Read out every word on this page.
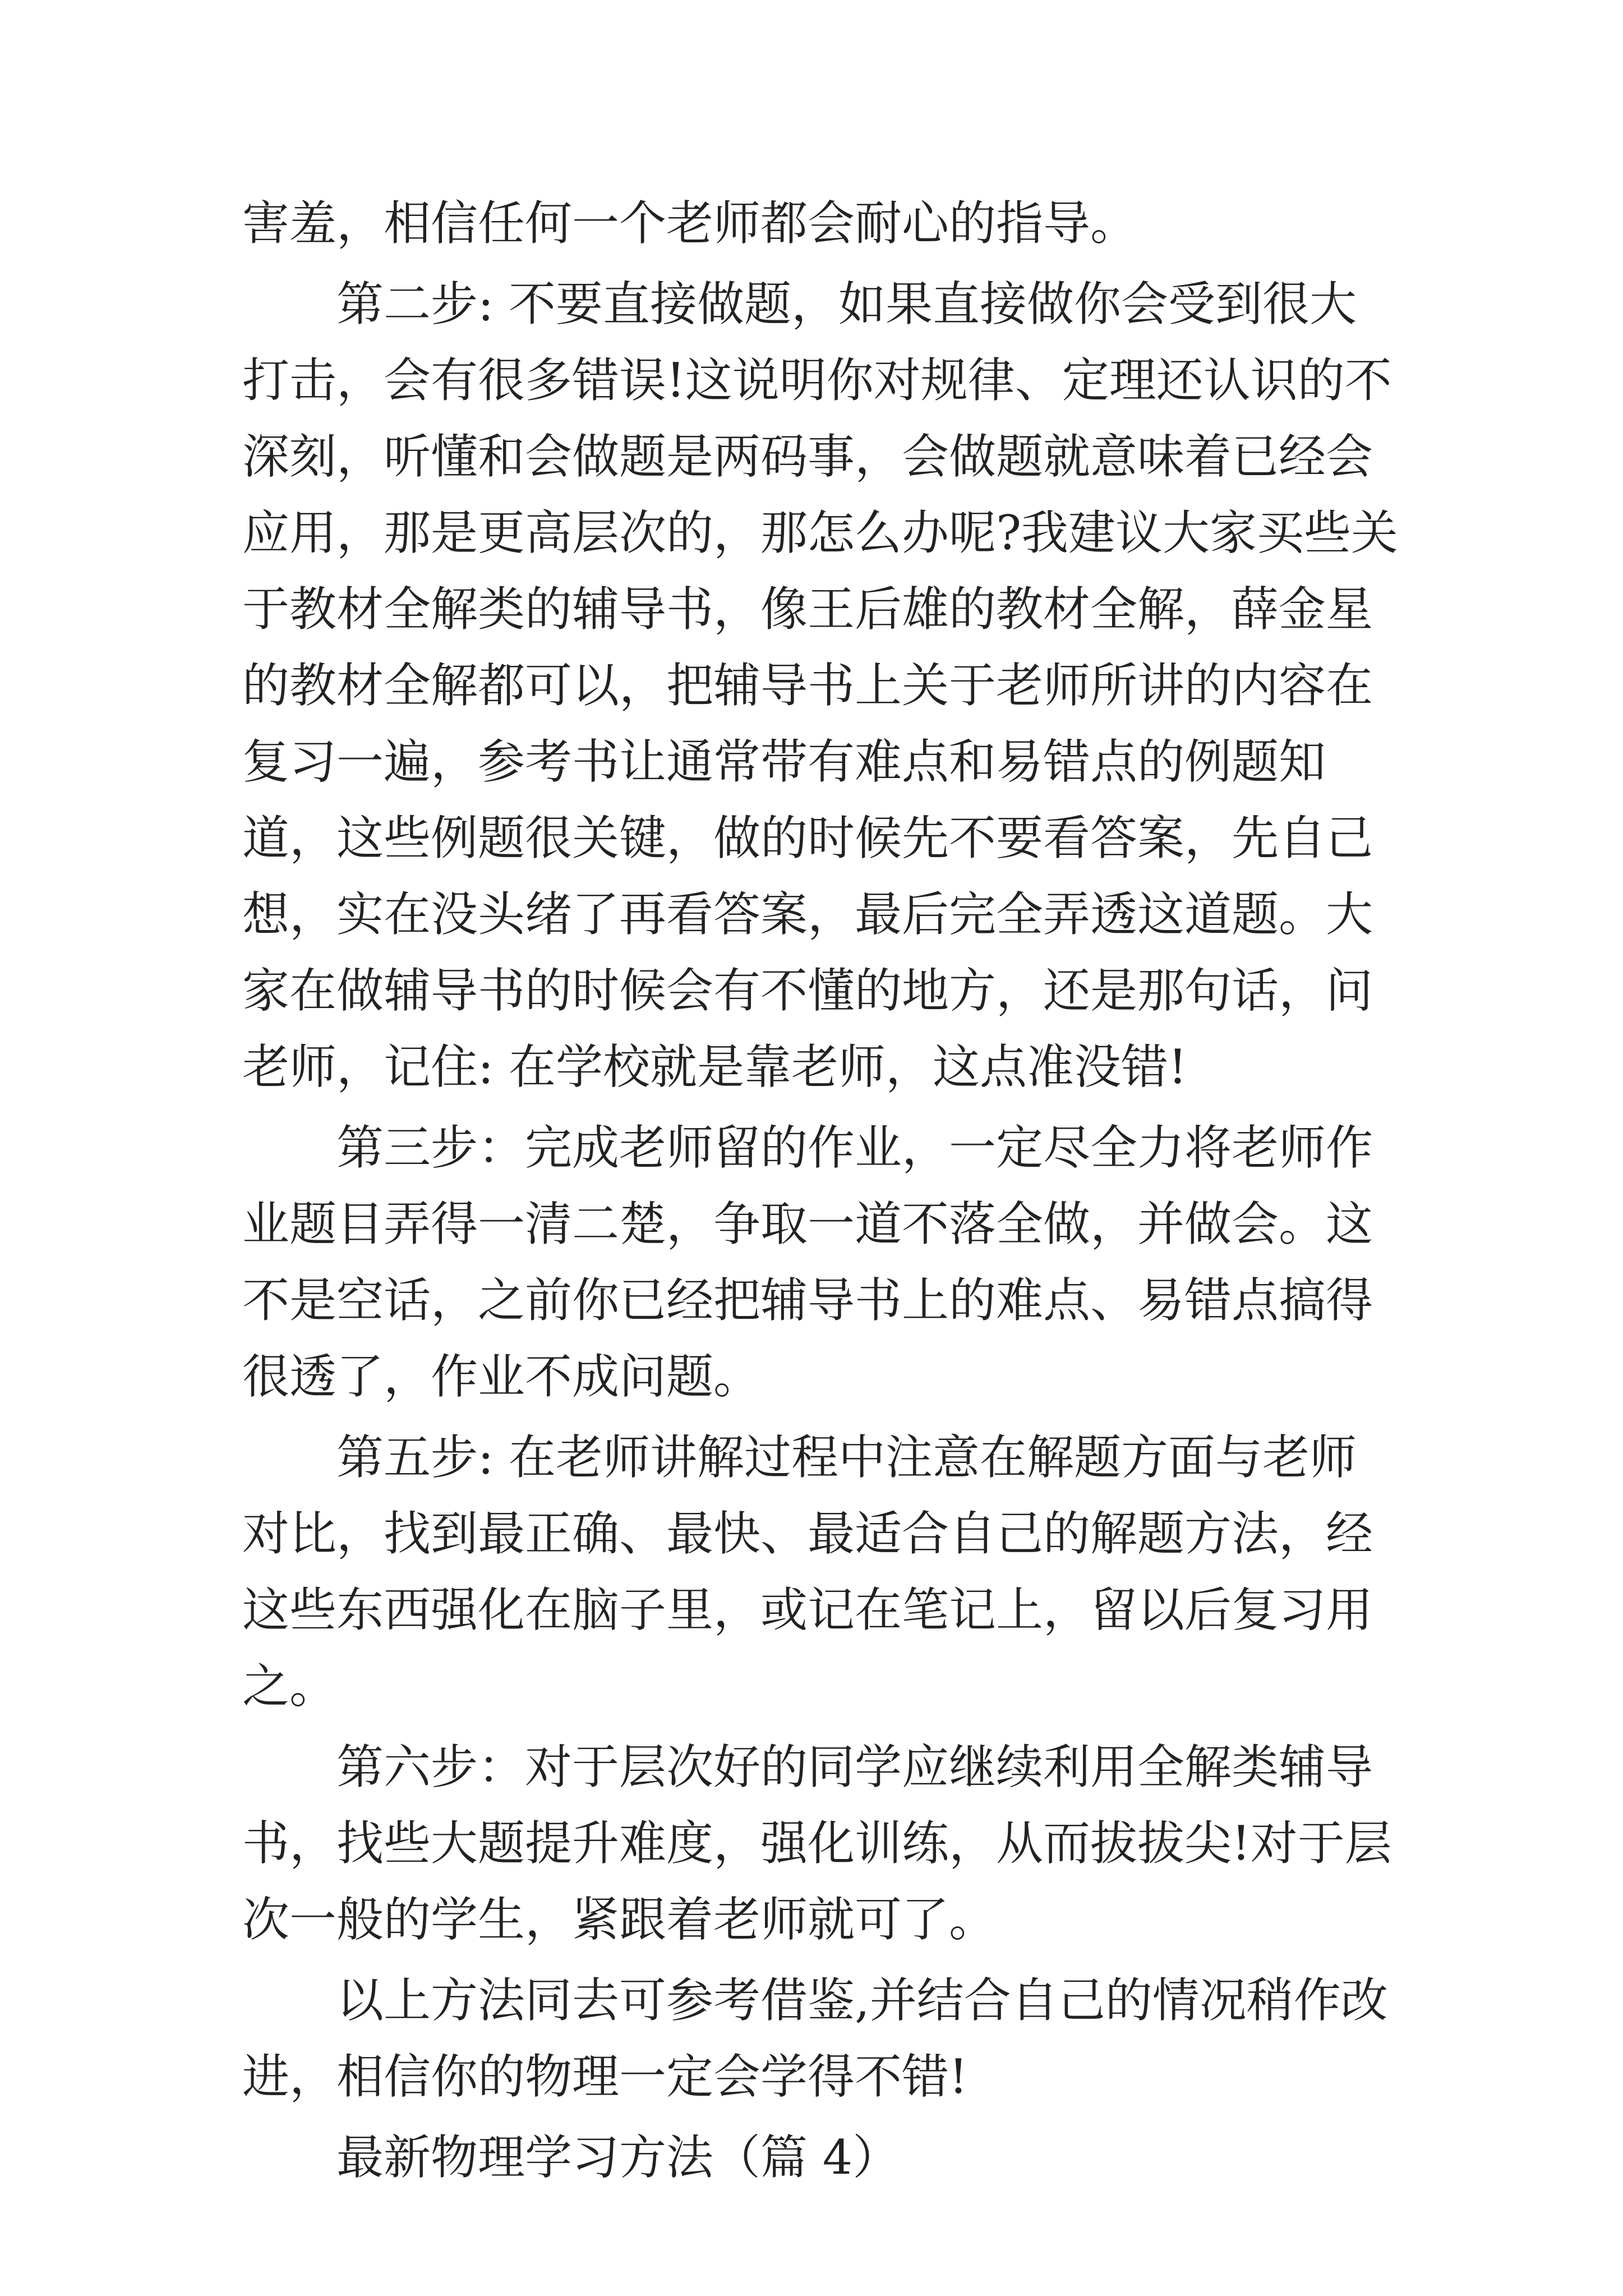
害羞，相信任何一个老师都会耐心的指导。

第二步: 不要直接做题，如果直接做你会受到很大打击，会有很多错误!这说明你对规律、定理还认识的不深刻，听懂和会做题是两码事，会做题就意味着已经会应用，那是更高层次的，那怎么办呢?我建议大家买些关于教材全解类的辅导书，像王后雄的教材全解，薛金星的教材全解都可以，把辅导书上关于老师所讲的内容在复习一遍，参考书让通常带有难点和易错点的例题知道，这些例题很关键，做的时候先不要看答案，先自己想，实在没头绪了再看答案，最后完全弄透这道题。大家在做辅导书的时候会有不懂的地方，还是那句话，问老师，记住: 在学校就是靠老师，这点准没错!

第三步：完成老师留的作业，一定尽全力将老师作业题目弄得一清二楚，争取一道不落全做，并做会。这不是空话，之前你已经把辅导书上的难点、易错点搞得很透了，作业不成问题。

第五步: 在老师讲解过程中注意在解题方面与老师对比，找到最正确、最快、最适合自己的解题方法，经这些东西强化在脑子里，或记在笔记上，留以后复习用之。

第六步：对于层次好的同学应继续利用全解类辅导书，找些大题提升难度，强化训练，从而拔拔尖!对于层次一般的学生，紧跟着老师就可了。

以上方法同去可参考借鉴,并结合自己的情况稍作改进，相信你的物理一定会学得不错!

最新物理学习方法（篇 4）
